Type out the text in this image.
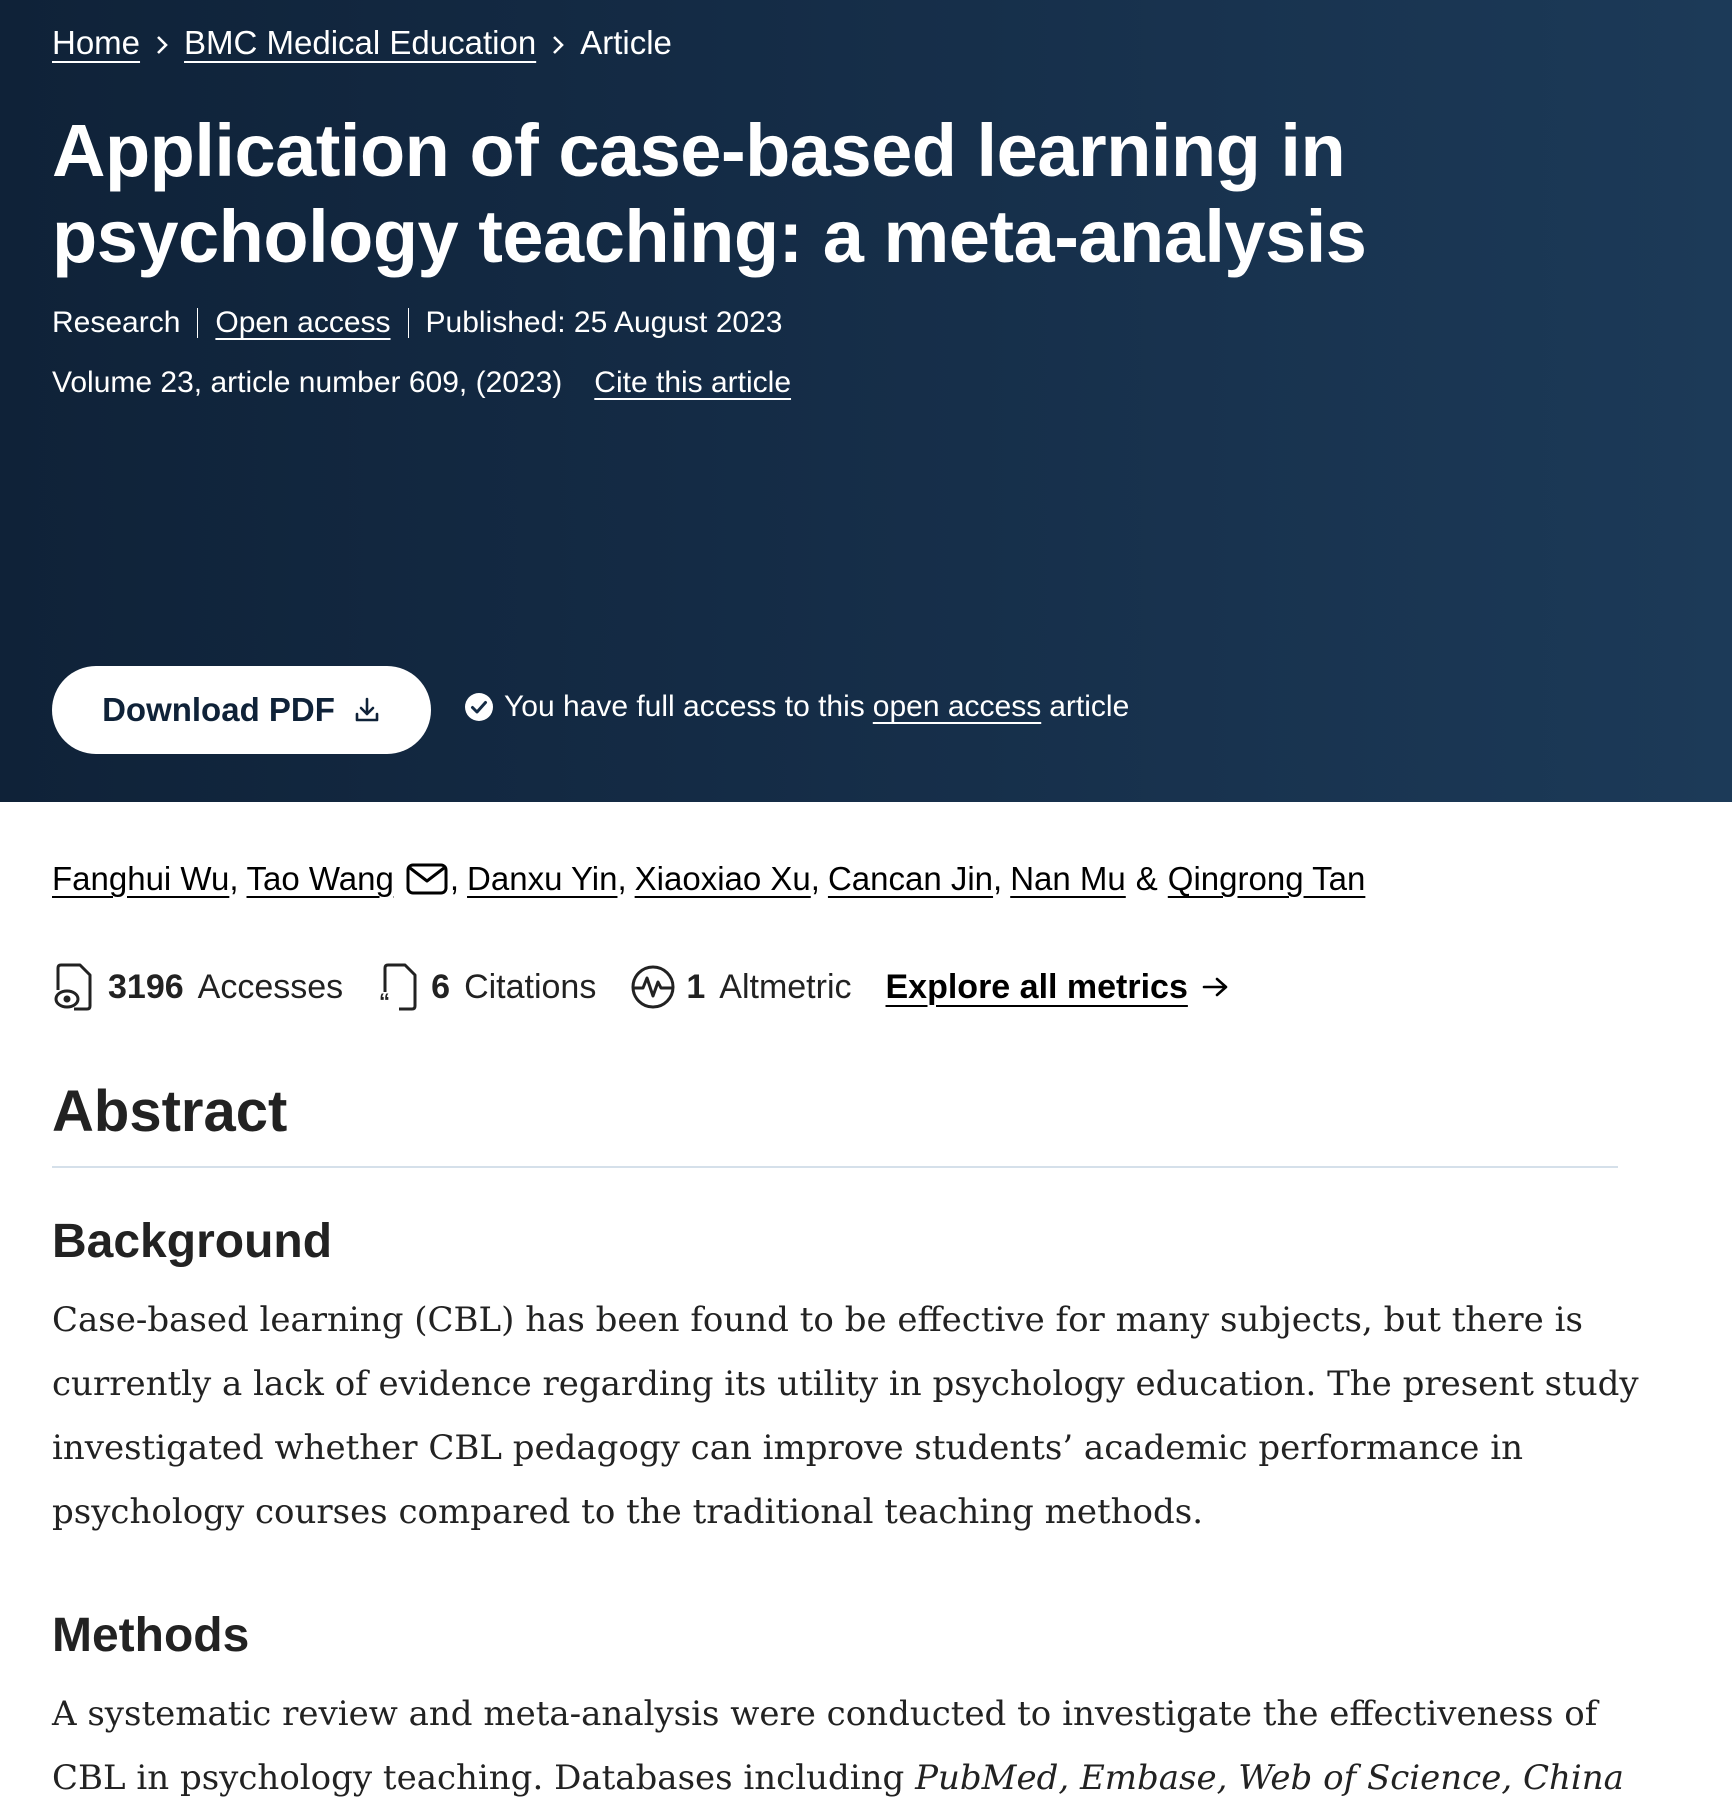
Home BMC Medical Education Article
Application of case-based learning in psychology teaching: a meta-analysis
Research Open access Published: 25 August 2023
Volume 23, article number 609, (2023) Cite this article
Download PDF	You have full access to this open access article
Fanghui Wu , Tao Wang , Danxu Yin , Xiaoxiao Xu , Cancan Jin , Nan Mu & Qingrong Tan
3196 Accesses “ 6 Citations	1 Altmetric Explore all metrics
Abstract
Background

Case-based learning (CBL) has been found to be effective for many subjects, but there is currently a lack of evidence regarding its utility in psychology education. The present study investigated whether CBL pedagogy can improve students’ academic performance in psychology courses compared to the traditional teaching methods.

Methods

A systematic review and meta-analysis were conducted to investigate the effectiveness of CBL in psychology teaching. Databases including PubMed, Embase, Web of Science, China
